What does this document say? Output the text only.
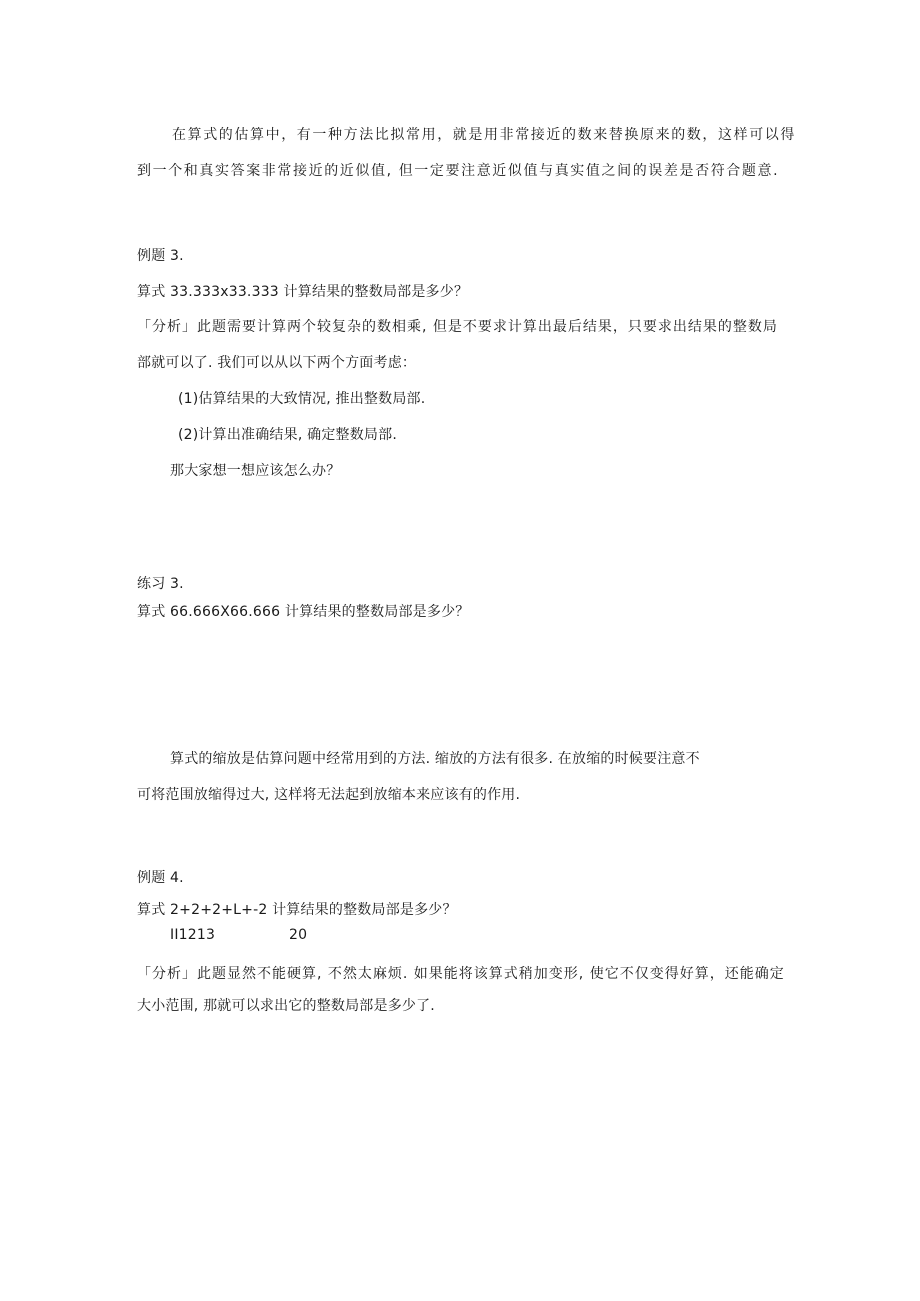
在算式的估算中，有一种方法比拟常用，就是用非常接近的数来替换原来的数，这样可以得
到一个和真实答案非常接近的近似值, 但一定要注意近似值与真实值之间的误差是否符合题意.
例题 3.
算式 33.333x33.333 计算结果的整数局部是多少？
「分析」此题需要计算两个较复杂的数相乘, 但是不要求计算出最后结果，只要求出结果的整数局
部就可以了. 我们可以从以下两个方面考虑：
(1)估算结果的大致情况, 推出整数局部.
(2)计算出准确结果, 确定整数局部.
那大家想一想应该怎么办？
练习 3.
算式 66.666X66.666 计算结果的整数局部是多少？
算式的缩放是估算问题中经常用到的方法. 缩放的方法有很多. 在放缩的时候要注意不
可将范围放缩得过大, 这样将无法起到放缩本来应该有的作用.
例题 4.
算式 2+2+2+L+-2 计算结果的整数局部是多少？
II1213	20
「分析」此题显然不能硬算, 不然太麻烦. 如果能将该算式稍加变形, 使它不仅变得好算，还能确定
大小范围, 那就可以求出它的整数局部是多少了.
